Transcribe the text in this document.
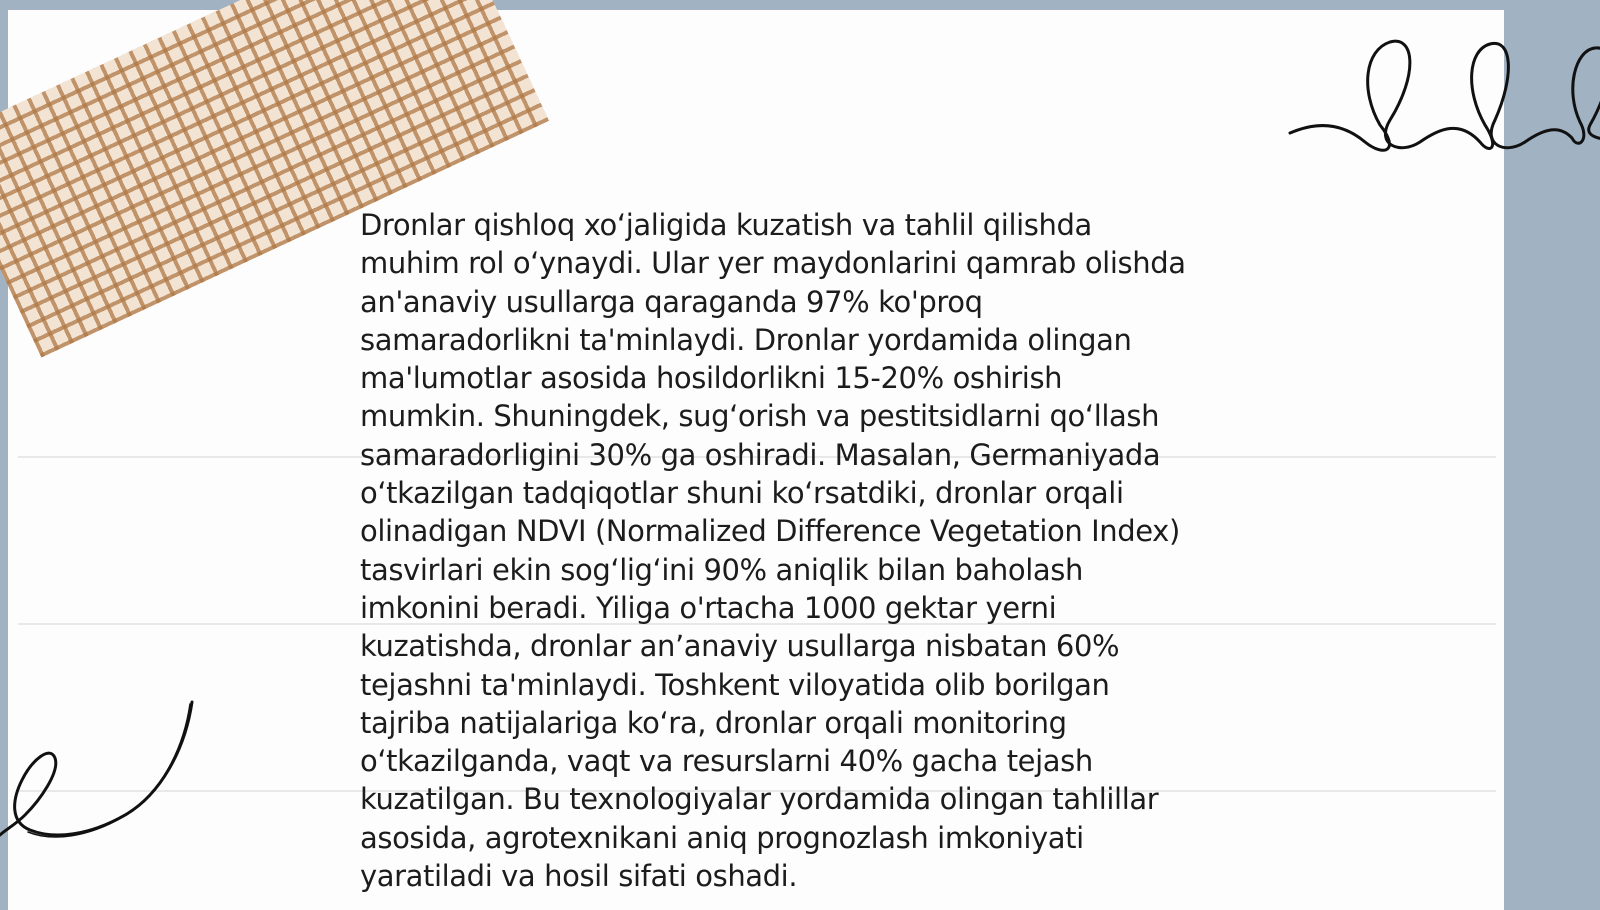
Dronlar qishloq xo‘jaligida kuzatish va tahlil qilishda
muhim rol o‘ynaydi. Ular yer maydonlarini qamrab olishda
an'anaviy usullarga qaraganda 97% ko'proq
samaradorlikni ta'minlaydi. Dronlar yordamida olingan
ma'lumotlar asosida hosildorlikni 15-20% oshirish
mumkin. Shuningdek, sug‘orish va pestitsidlarni qo‘llash
samaradorligini 30% ga oshiradi. Masalan, Germaniyada
o‘tkazilgan tadqiqotlar shuni ko‘rsatdiki, dronlar orqali
olinadigan NDVI (Normalized Difference Vegetation Index)
tasvirlari ekin sog‘lig‘ini 90% aniqlik bilan baholash
imkonini beradi. Yiliga o'rtacha 1000 gektar yerni
kuzatishda, dronlar an’anaviy usullarga nisbatan 60%
tejashni ta'minlaydi. Toshkent viloyatida olib borilgan
tajriba natijalariga ko‘ra, dronlar orqali monitoring
o‘tkazilganda, vaqt va resurslarni 40% gacha tejash
kuzatilgan. Bu texnologiyalar yordamida olingan tahlillar
asosida, agrotexnikani aniq prognozlash imkoniyati
yaratiladi va hosil sifati oshadi.
